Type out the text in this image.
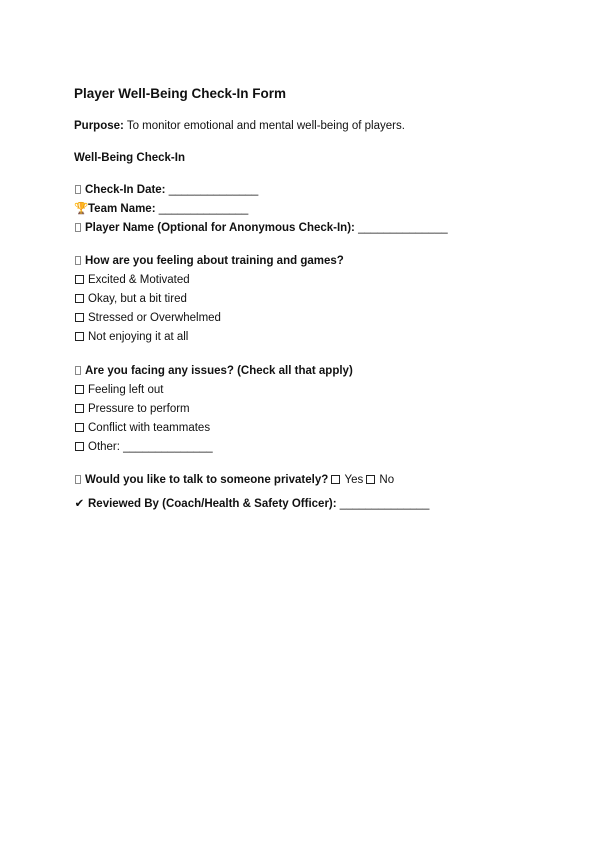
Player Well-Being Check-In Form

Purpose: To monitor emotional and mental well-being of players.

Well-Being Check-In

Check-In Date: ______________

🏆Team Name: ______________

Player Name (Optional for Anonymous Check-In): ______________

How are you feeling about training and games?

Excited & Motivated

Okay, but a bit tired

Stressed or Overwhelmed

Not enjoying it at all

Are you facing any issues? (Check all that apply)

Feeling left out

Pressure to perform

Conflict with teammates

Other: ______________

Would you like to talk to someone privately? Yes No

✔ Reviewed By (Coach/Health & Safety Officer): ______________
